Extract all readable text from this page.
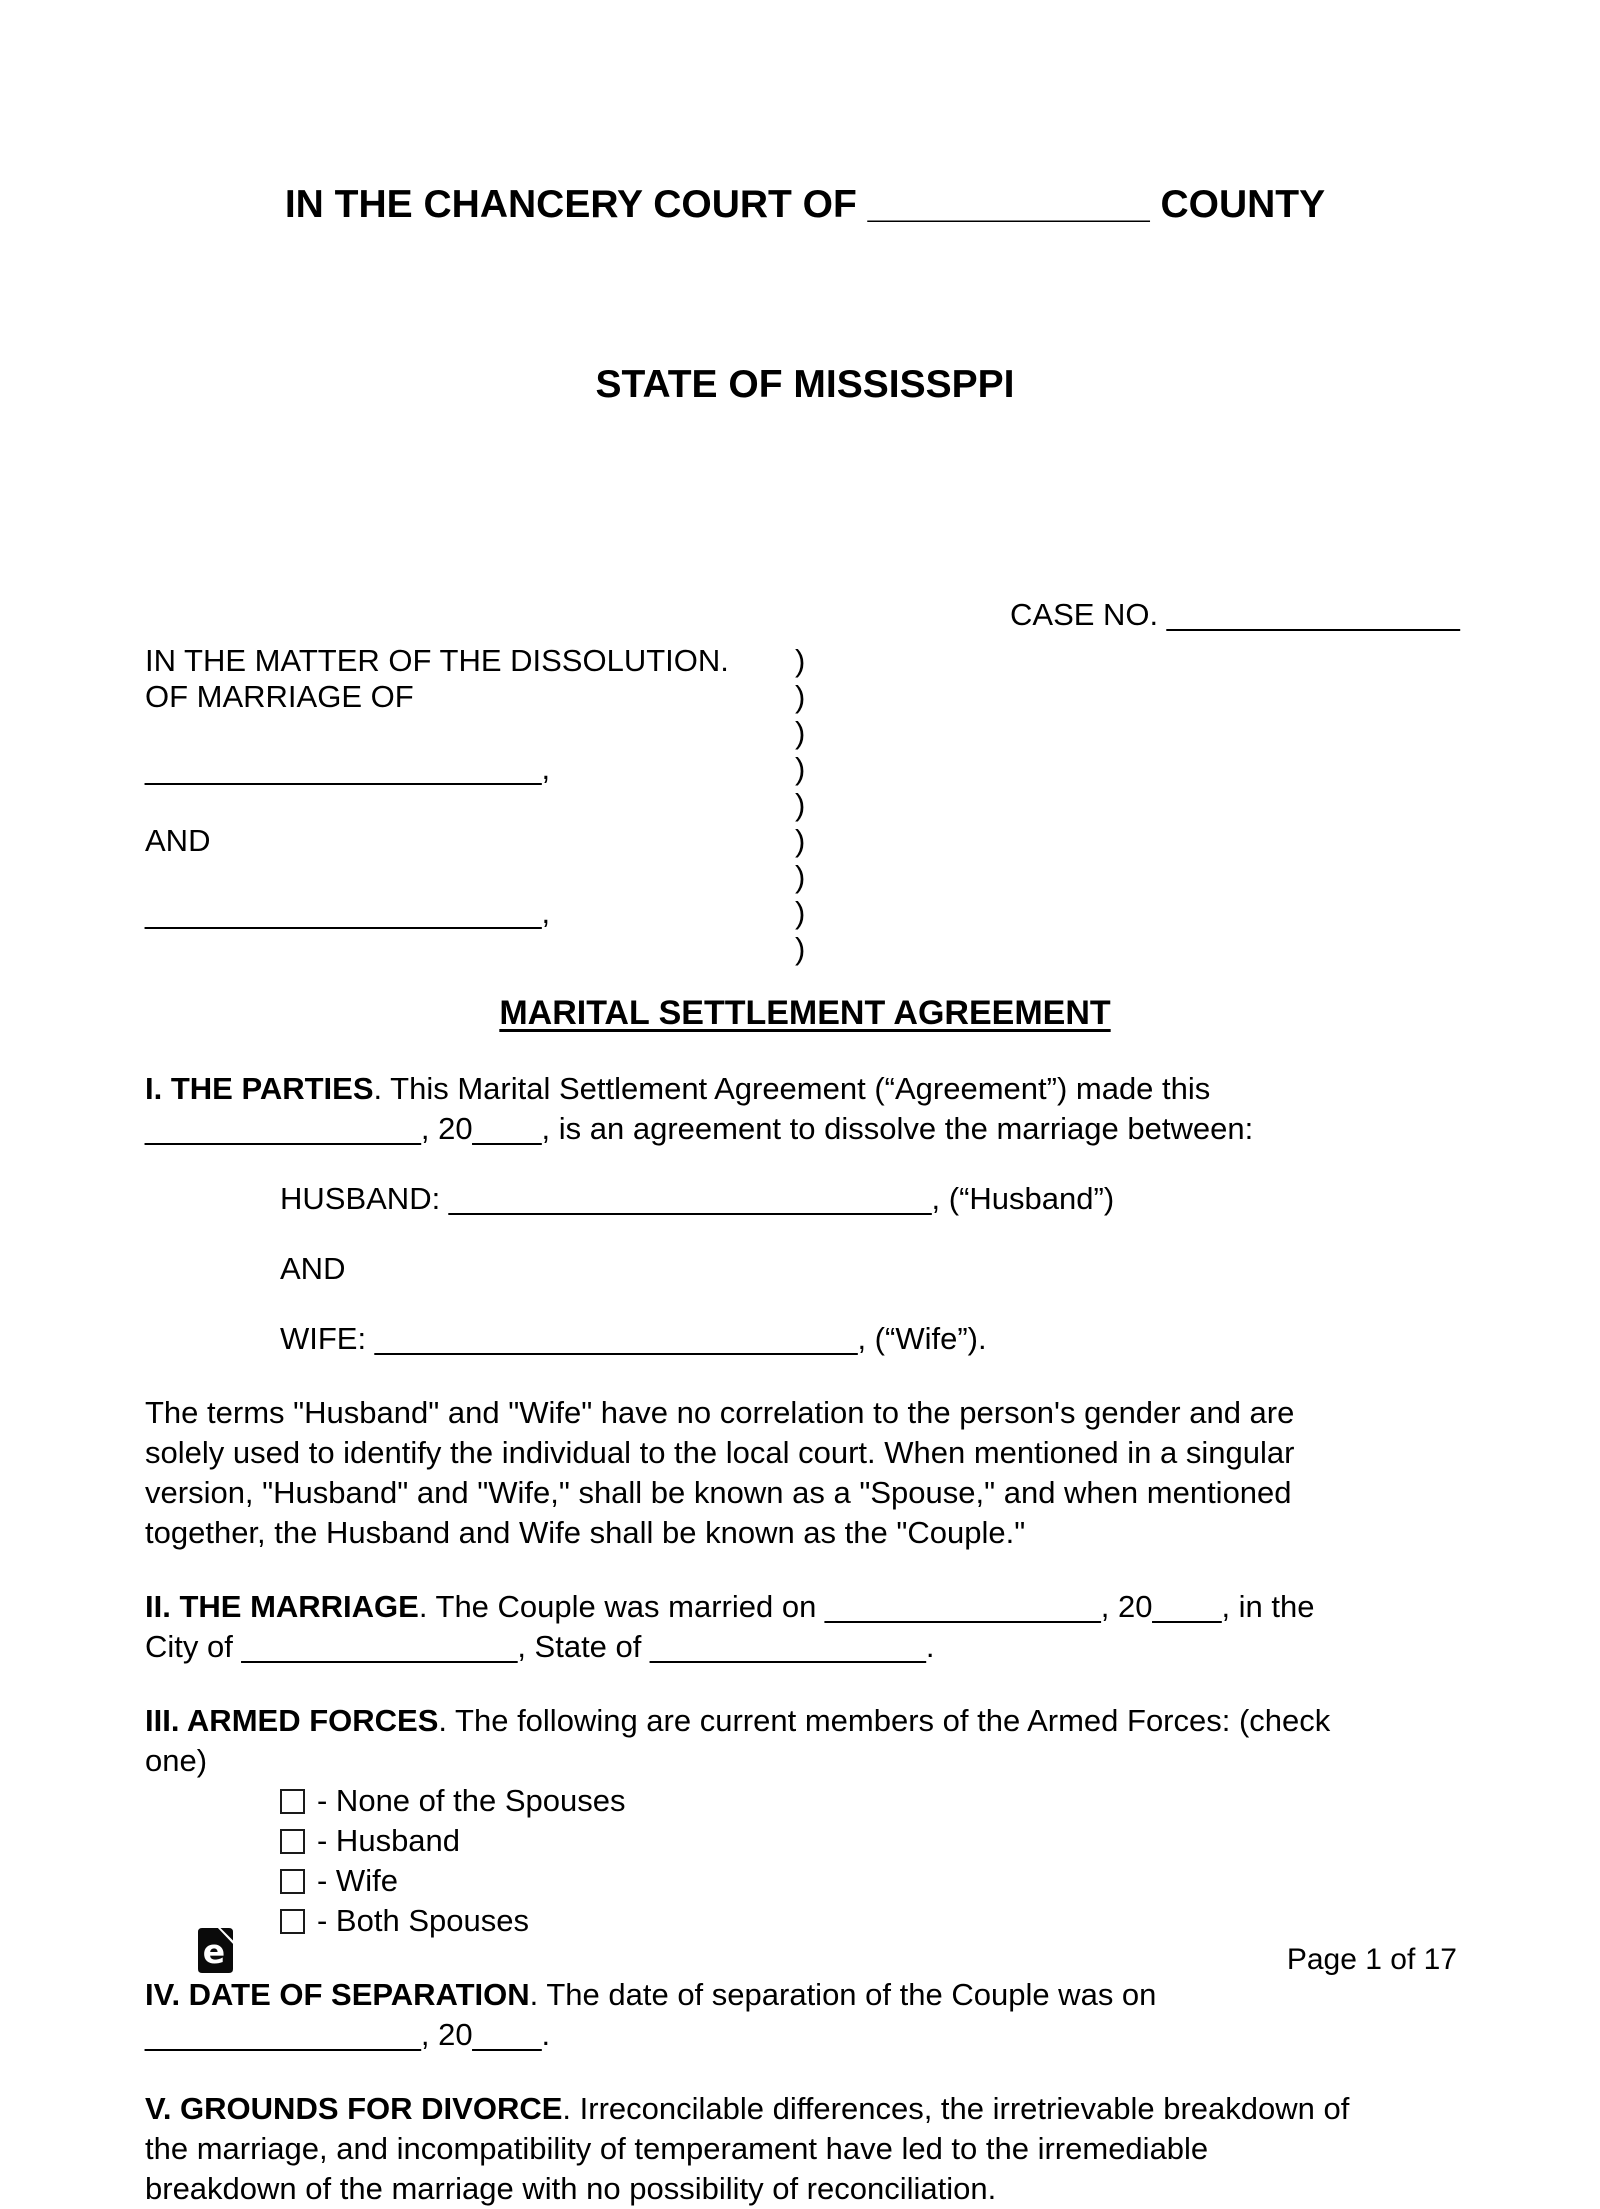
IN THE CHANCERY COURT OF _____________ COUNTY

STATE OF MISSISSPPI

CASE NO. _________________
IN THE MATTER OF THE DISSOLUTION.
OF MARRIAGE OF
_______________________,
AND
_______________________,
)
)
)
)
)
)
)
)
)
MARITAL SETTLEMENT AGREEMENT
I. THE PARTIES. This Marital Settlement Agreement (“Agreement”) made this
________________, 20____, is an agreement to dissolve the marriage between:
HUSBAND: ____________________________, (“Husband”)
AND
WIFE: ____________________________, (“Wife”).
The terms "Husband" and "Wife" have no correlation to the person's gender and are
solely used to identify the individual to the local court. When mentioned in a singular
version, "Husband" and "Wife," shall be known as a "Spouse," and when mentioned
together, the Husband and Wife shall be known as the "Couple."
II. THE MARRIAGE. The Couple was married on ________________, 20____, in the
City of ________________, State of ________________.
III. ARMED FORCES. The following are current members of the Armed Forces: (check
one)
- None of the Spouses
- Husband
- Wife
- Both Spouses
IV. DATE OF SEPARATION. The date of separation of the Couple was on
________________, 20____.
V. GROUNDS FOR DIVORCE. Irreconcilable differences, the irretrievable breakdown of
the marriage, and incompatibility of temperament have led to the irremediable
breakdown of the marriage with no possibility of reconciliation.
e	Page 1 of 17
